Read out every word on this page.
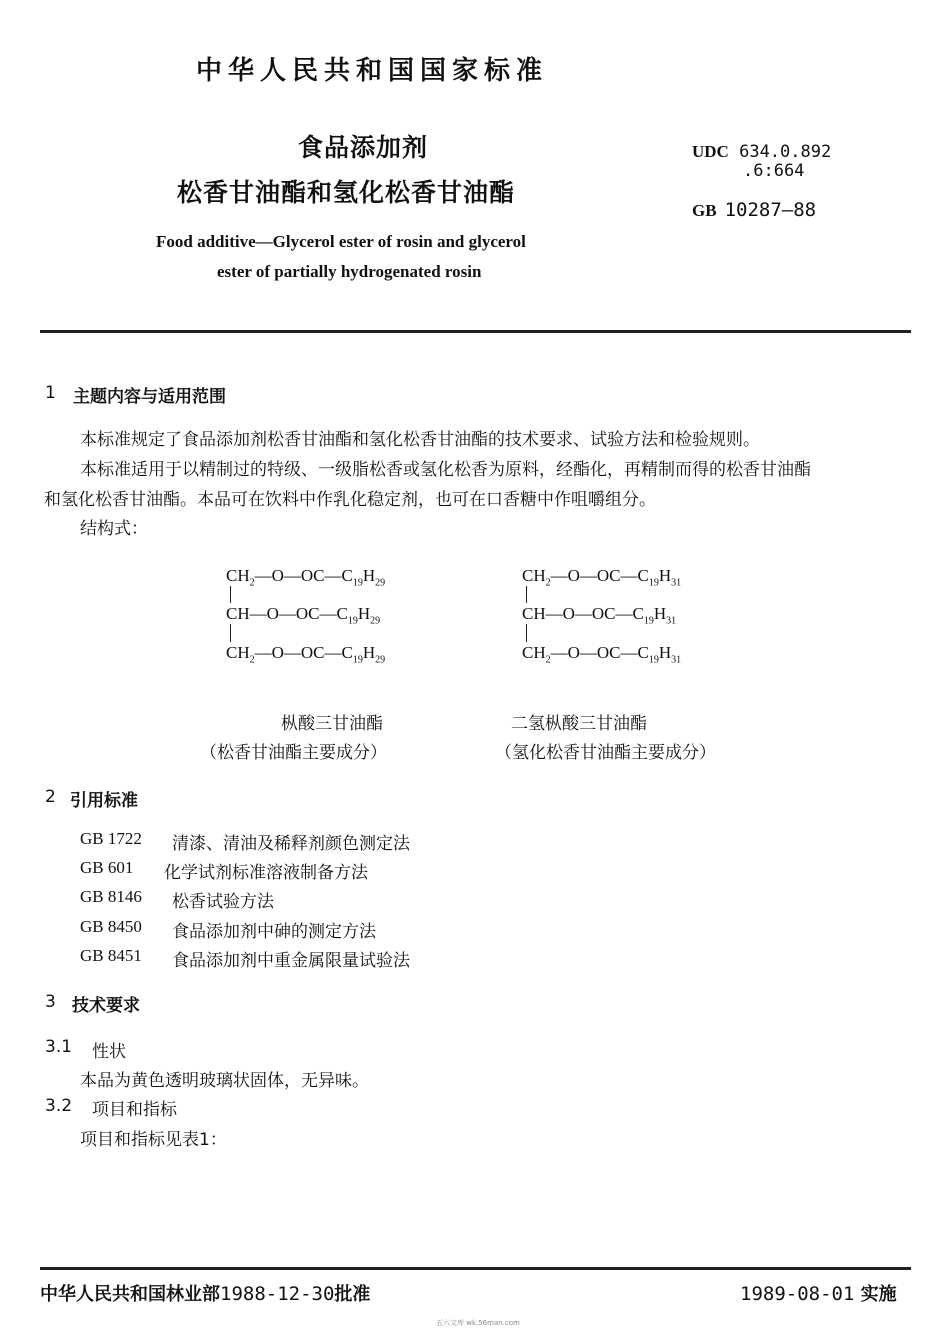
中华人民共和国国家标准
食品添加剂
松香甘油酯和氢化松香甘油酯
Food additive—Glycerol ester of rosin and glycerol
ester of partially hydrogenated rosin
UDC 634.0.892
.6:664
GB 10287—88
1 主题内容与适用范围
本标准规定了食品添加剂松香甘油酯和氢化松香甘油酯的技术要求、试验方法和检验规则。
本标准适用于以精制过的特级、一级脂松香或氢化松香为原料，经酯化，再精制而得的松香甘油酯
和氢化松香甘油酯。本品可在饮料中作乳化稳定剂，也可在口香糖中作咀嚼组分。
结构式：
$CH_2—O—OC—C_{19}H_{29}$
$CH—O—OC—C_{19}H_{29}$
$CH_2—O—OC—C_{19}H_{29}$
$CH_2—O—OC—C_{19}H_{31}$
$CH—O—OC—C_{19}H_{31}$
$CH_2—O—OC—C_{19}H_{31}$
枞酸三甘油酯	二氢枞酸三甘油酯
（松香甘油酯主要成分）	（氢化松香甘油酯主要成分）
2 引用标准
GB 1722 清漆、清油及稀释剂颜色测定法
GB 601 化学试剂标准溶液制备方法
GB 8146 松香试验方法
GB 8450 食品添加剂中砷的测定方法
GB 8451 食品添加剂中重金属限量试验法
3 技术要求
3.1 性状
本品为黄色透明玻璃状固体，无异味。
3.2 项目和指标
项目和指标见表1：
中华人民共和国林业部1988-12-30批准	1989-08-01 实施
五六文库 wk.56man.com
